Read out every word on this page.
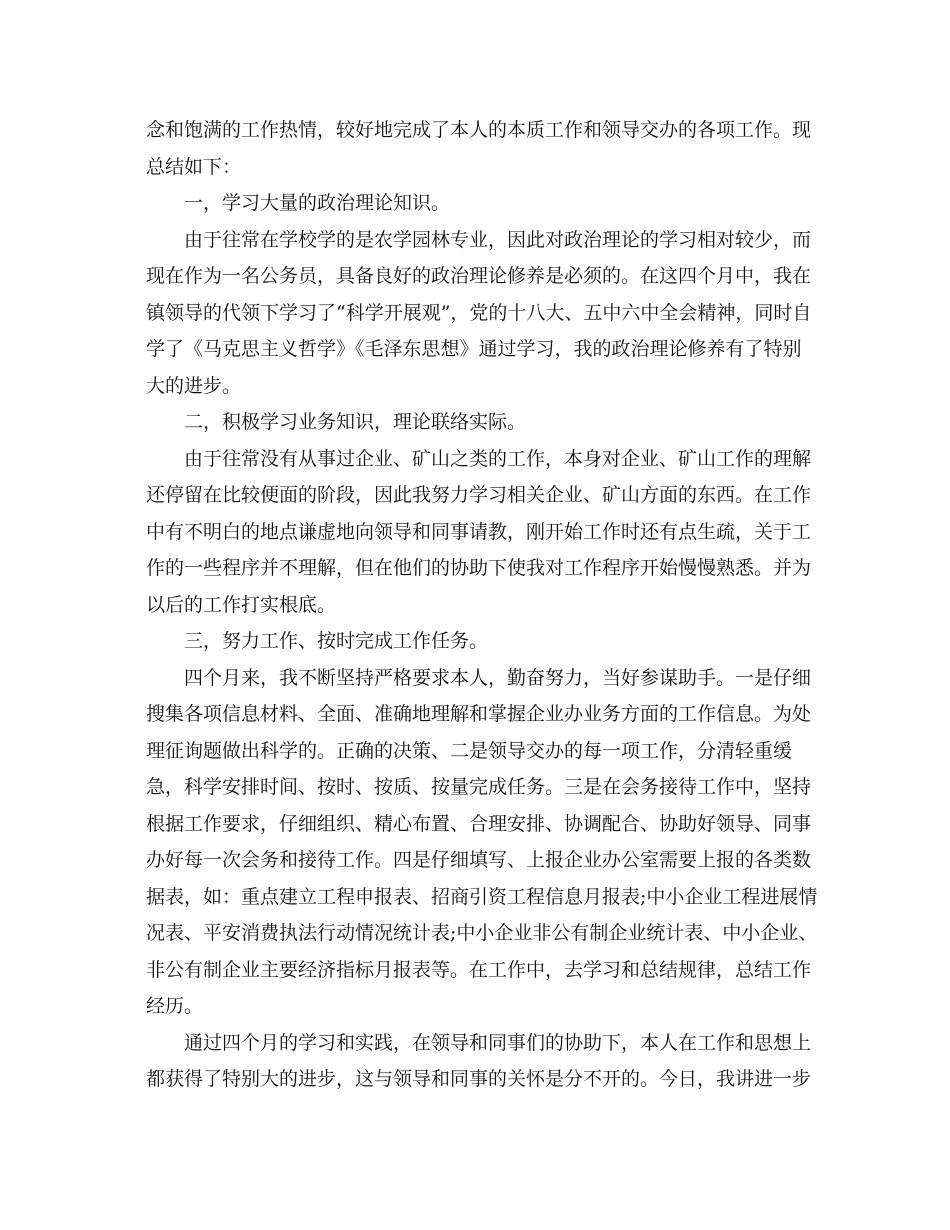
念和饱满的工作热情，较好地完成了本人的本质工作和领导交办的各项工作。现
总结如下：
　　一，学习大量的政治理论知识。
　　由于往常在学校学的是农学园林专业，因此对政治理论的学习相对较少，而
现在作为一名公务员，具备良好的政治理论修养是必须的。在这四个月中，我在
镇领导的代领下学习了“科学开展观”，党的十八大、五中六中全会精神，同时自
学了《马克思主义哲学》《毛泽东思想》通过学习，我的政治理论修养有了特别
大的进步。
　　二，积极学习业务知识，理论联络实际。
　　由于往常没有从事过企业、矿山之类的工作，本身对企业、矿山工作的理解
还停留在比较便面的阶段，因此我努力学习相关企业、矿山方面的东西。在工作
中有不明白的地点谦虚地向领导和同事请教，刚开始工作时还有点生疏，关于工
作的一些程序并不理解，但在他们的协助下使我对工作程序开始慢慢熟悉。并为
以后的工作打实根底。
　　三，努力工作、按时完成工作任务。
　　四个月来，我不断坚持严格要求本人，勤奋努力，当好参谋助手。一是仔细
搜集各项信息材料、全面、准确地理解和掌握企业办业务方面的工作信息。为处
理征询题做出科学的。正确的决策、二是领导交办的每一项工作，分清轻重缓
急，科学安排时间、按时、按质、按量完成任务。三是在会务接待工作中，坚持
根据工作要求，仔细组织、精心布置、合理安排、协调配合、协助好领导、同事
办好每一次会务和接待工作。四是仔细填写、上报企业办公室需要上报的各类数
据表，如：重点建立工程申报表、招商引资工程信息月报表;中小企业工程进展情
况表、平安消费执法行动情况统计表;中小企业非公有制企业统计表、中小企业、
非公有制企业主要经济指标月报表等。在工作中，去学习和总结规律，总结工作
经历。
　　通过四个月的学习和实践，在领导和同事们的协助下，本人在工作和思想上
都获得了特别大的进步，这与领导和同事的关怀是分不开的。今日，我讲进一步
